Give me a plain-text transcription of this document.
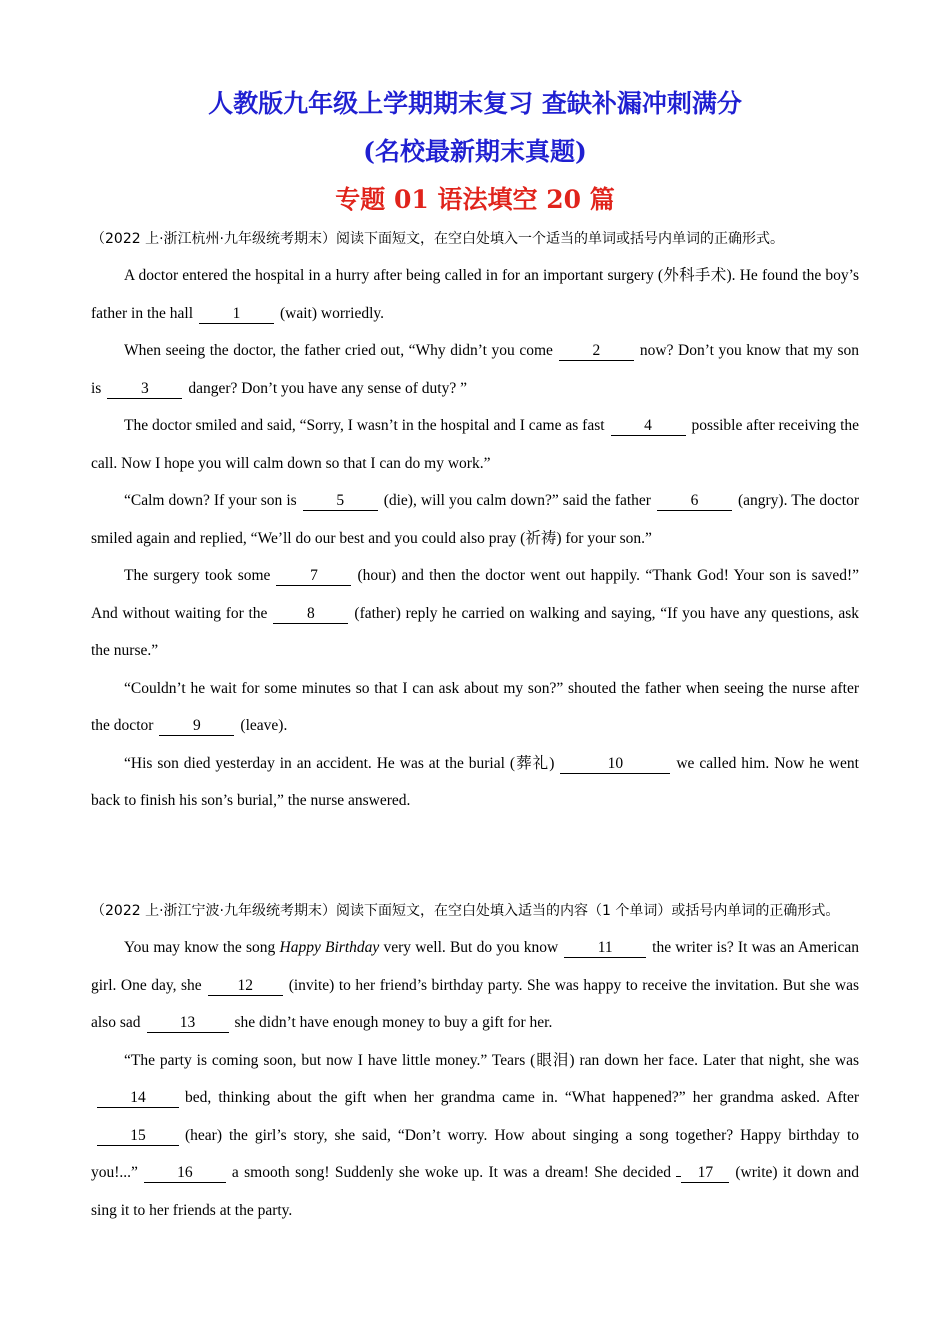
人教版九年级上学期期末复习 查缺补漏冲刺满分
(名校最新期末真题)
专题 01 语法填空 20 篇

（2022 上·浙江杭州·九年级统考期末）阅读下面短文，在空白处填入一个适当的单词或括号内单词的正确形式。

A doctor entered the hospital in a hurry after being called in for an important surgery (外科手术). He found the boy’s father in the hall	1	(wait) worriedly.

When seeing the doctor, the father cried out, “Why didn’t you come	2	now? Don’t you know that my son is	3	danger? Don’t you have any sense of duty? ”

The doctor smiled and said, “Sorry, I wasn’t in the hospital and I came as fast	4	possible after receiving the call. Now I hope you will calm down so that I can do my work.”

“Calm down? If your son is	5	(die), will you calm down?” said the father	6	(angry). The doctor smiled again and replied, “We’ll do our best and you could also pray (祈祷) for your son.”

The surgery took some	7	(hour) and then the doctor went out happily. “Thank God! Your son is saved!” And without waiting for the	8	(father) reply he carried on walking and saying, “If you have any questions, ask the nurse.”

“Couldn’t he wait for some minutes so that I can ask about my son?” shouted the father when seeing the nurse after the doctor	9	(leave).

“His son died yesterday in an accident. He was at the burial (葬礼)	10	we called him. Now he went back to finish his son’s burial,” the nurse answered.

（2022 上·浙江宁波·九年级统考期末）阅读下面短文，在空白处填入适当的内容（1 个单词）或括号内单词的正确形式。

You may know the song Happy Birthday very well. But do you know	11	the writer is? It was an American girl. One day, she 12 (invite) to her friend’s birthday party. She was happy to receive the invitation. But she was also sad	13	she didn’t have enough money to buy a gift for her.

“The party is coming soon, but now I have little money.” Tears (眼泪) ran down her face. Later that night, she was14	bed, thinking about the gift when her grandma came in. “What happened?” her grandma asked. After15	(hear) the girl’s story, she said, “Don’t worry. How about singing a song together? Happy birthday to you!...”	16	a smooth song! Suddenly she woke up. It was a dream! She decided 17 (write) it down and sing it to her friends at the party.
